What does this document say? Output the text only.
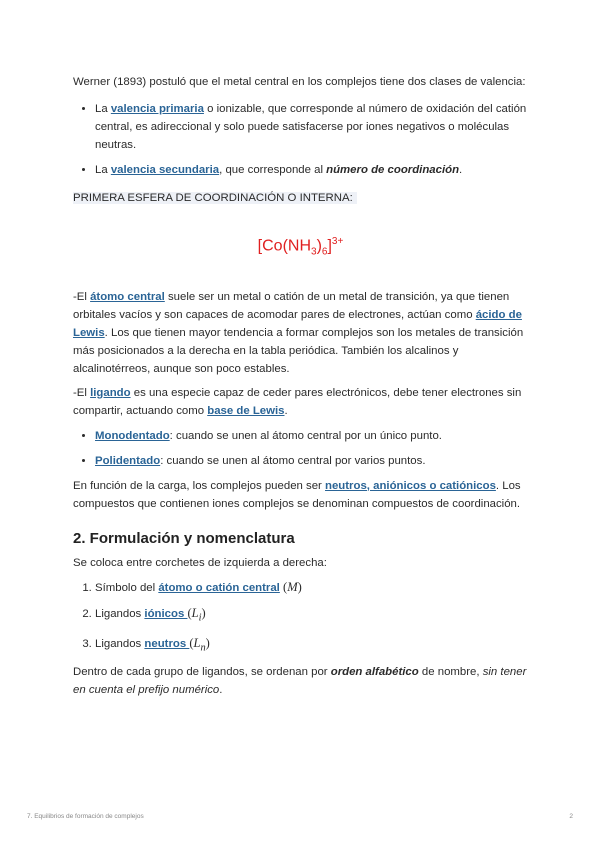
Werner (1893) postuló que el metal central en los complejos tiene dos clases de valencia:

• La valencia primaria o ionizable, que corresponde al número de oxidación del catión central, es adireccional y solo puede satisfacerse por iones negativos o moléculas neutras.
• La valencia secundaria, que corresponde al número de coordinación.

PRIMERA ESFERA DE COORDINACIÓN O INTERNA:

$[Co(NH_3)_6]^{3+}$

-El átomo central suele ser un metal o catión de un metal de transición, ya que tienen orbitales vacíos y son capaces de acomodar pares de electrones, actúan como ácido de Lewis. Los que tienen mayor tendencia a formar complejos son los metales de transición más posicionados a la derecha en la tabla periódica. También los alcalinos y alcalinotérreos, aunque son poco estables.

-El ligando es una especie capaz de ceder pares electrónicos, debe tener electrones sin compartir, actuando como base de Lewis.

• Monodentado: cuando se unen al átomo central por un único punto.
• Polidentado: cuando se unen al átomo central por varios puntos.

En función de la carga, los complejos pueden ser neutros, aniónicos o catiónicos. Los compuestos que contienen iones complejos se denominan compuestos de coordinación.

2. Formulación y nomenclatura

Se coloca entre corchetes de izquierda a derecha:

1. Símbolo del átomo o catión central (M)
2. Ligandos iónicos $(L_i)$
3. Ligandos neutros $(L_n)$

Dentro de cada grupo de ligandos, se ordenan por orden alfabético de nombre, sin tener en cuenta el prefijo numérico.

7. Equilibrios de formación de complejos	2
